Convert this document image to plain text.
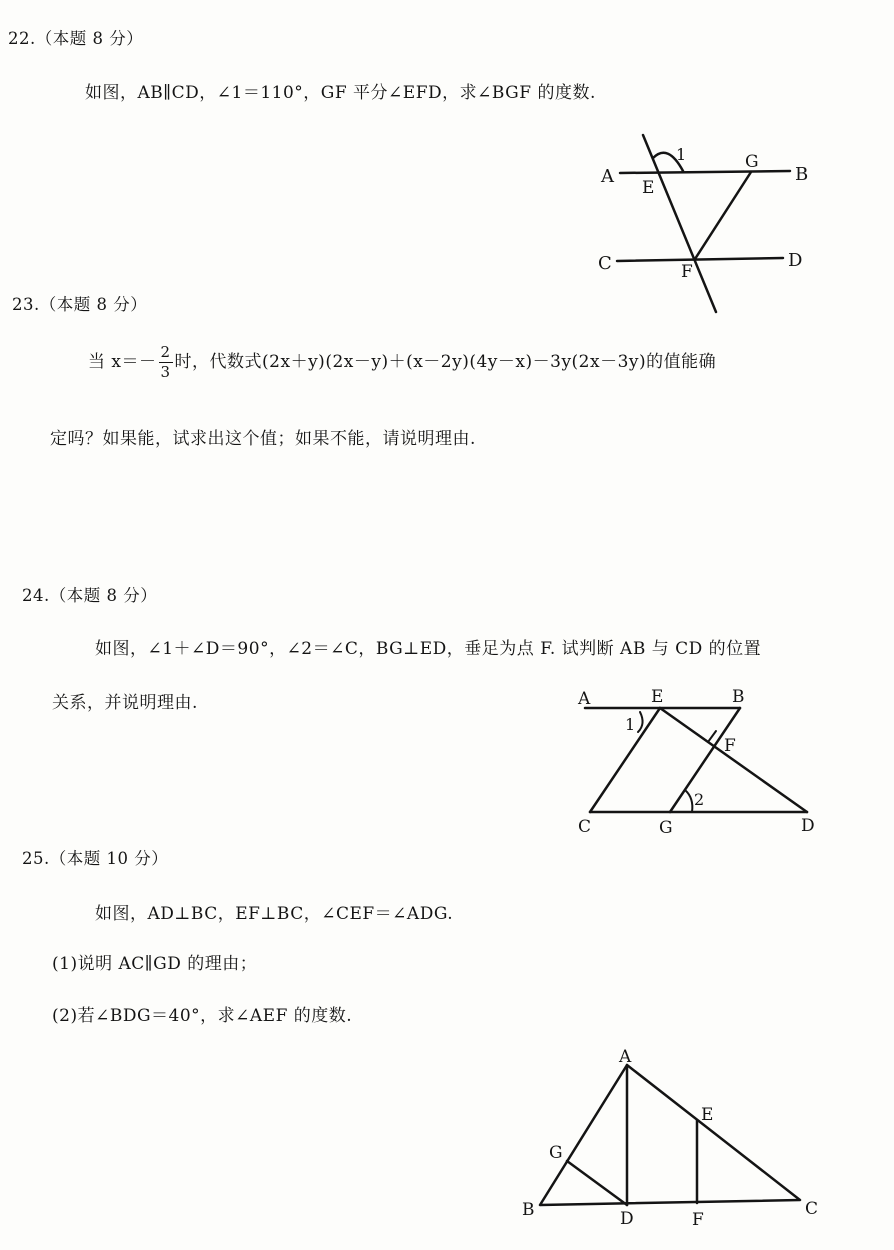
22.（本题 8 分）
如图，AB∥CD，∠1＝110°，GF 平分∠EFD，求∠BGF 的度数.
A	B
C	D
E
F
G
1
23.（本题 8 分）
当 $x=- \frac{2}{3}$ 时，代数式(2x＋y)(2x－y)＋(x－2y)(4y－x)－3y(2x－3y)的值能确
定吗？如果能，试求出这个值；如果不能，请说明理由.
24.（本题 8 分）
如图，∠1＋∠D＝90°，∠2＝∠C，BG⊥ED，垂足为点 F. 试判断 AB 与 CD 的位置
关系，并说明理由.	A	E	B
F
C	G	D
1
2
25.（本题 10 分）
如图，AD⊥BC，EF⊥BC，∠CEF＝∠ADG.
(1)说明 AC∥GD 的理由；
(2)若∠BDG＝40°，求∠AEF 的度数.
A
B	C
D
E
F
G
